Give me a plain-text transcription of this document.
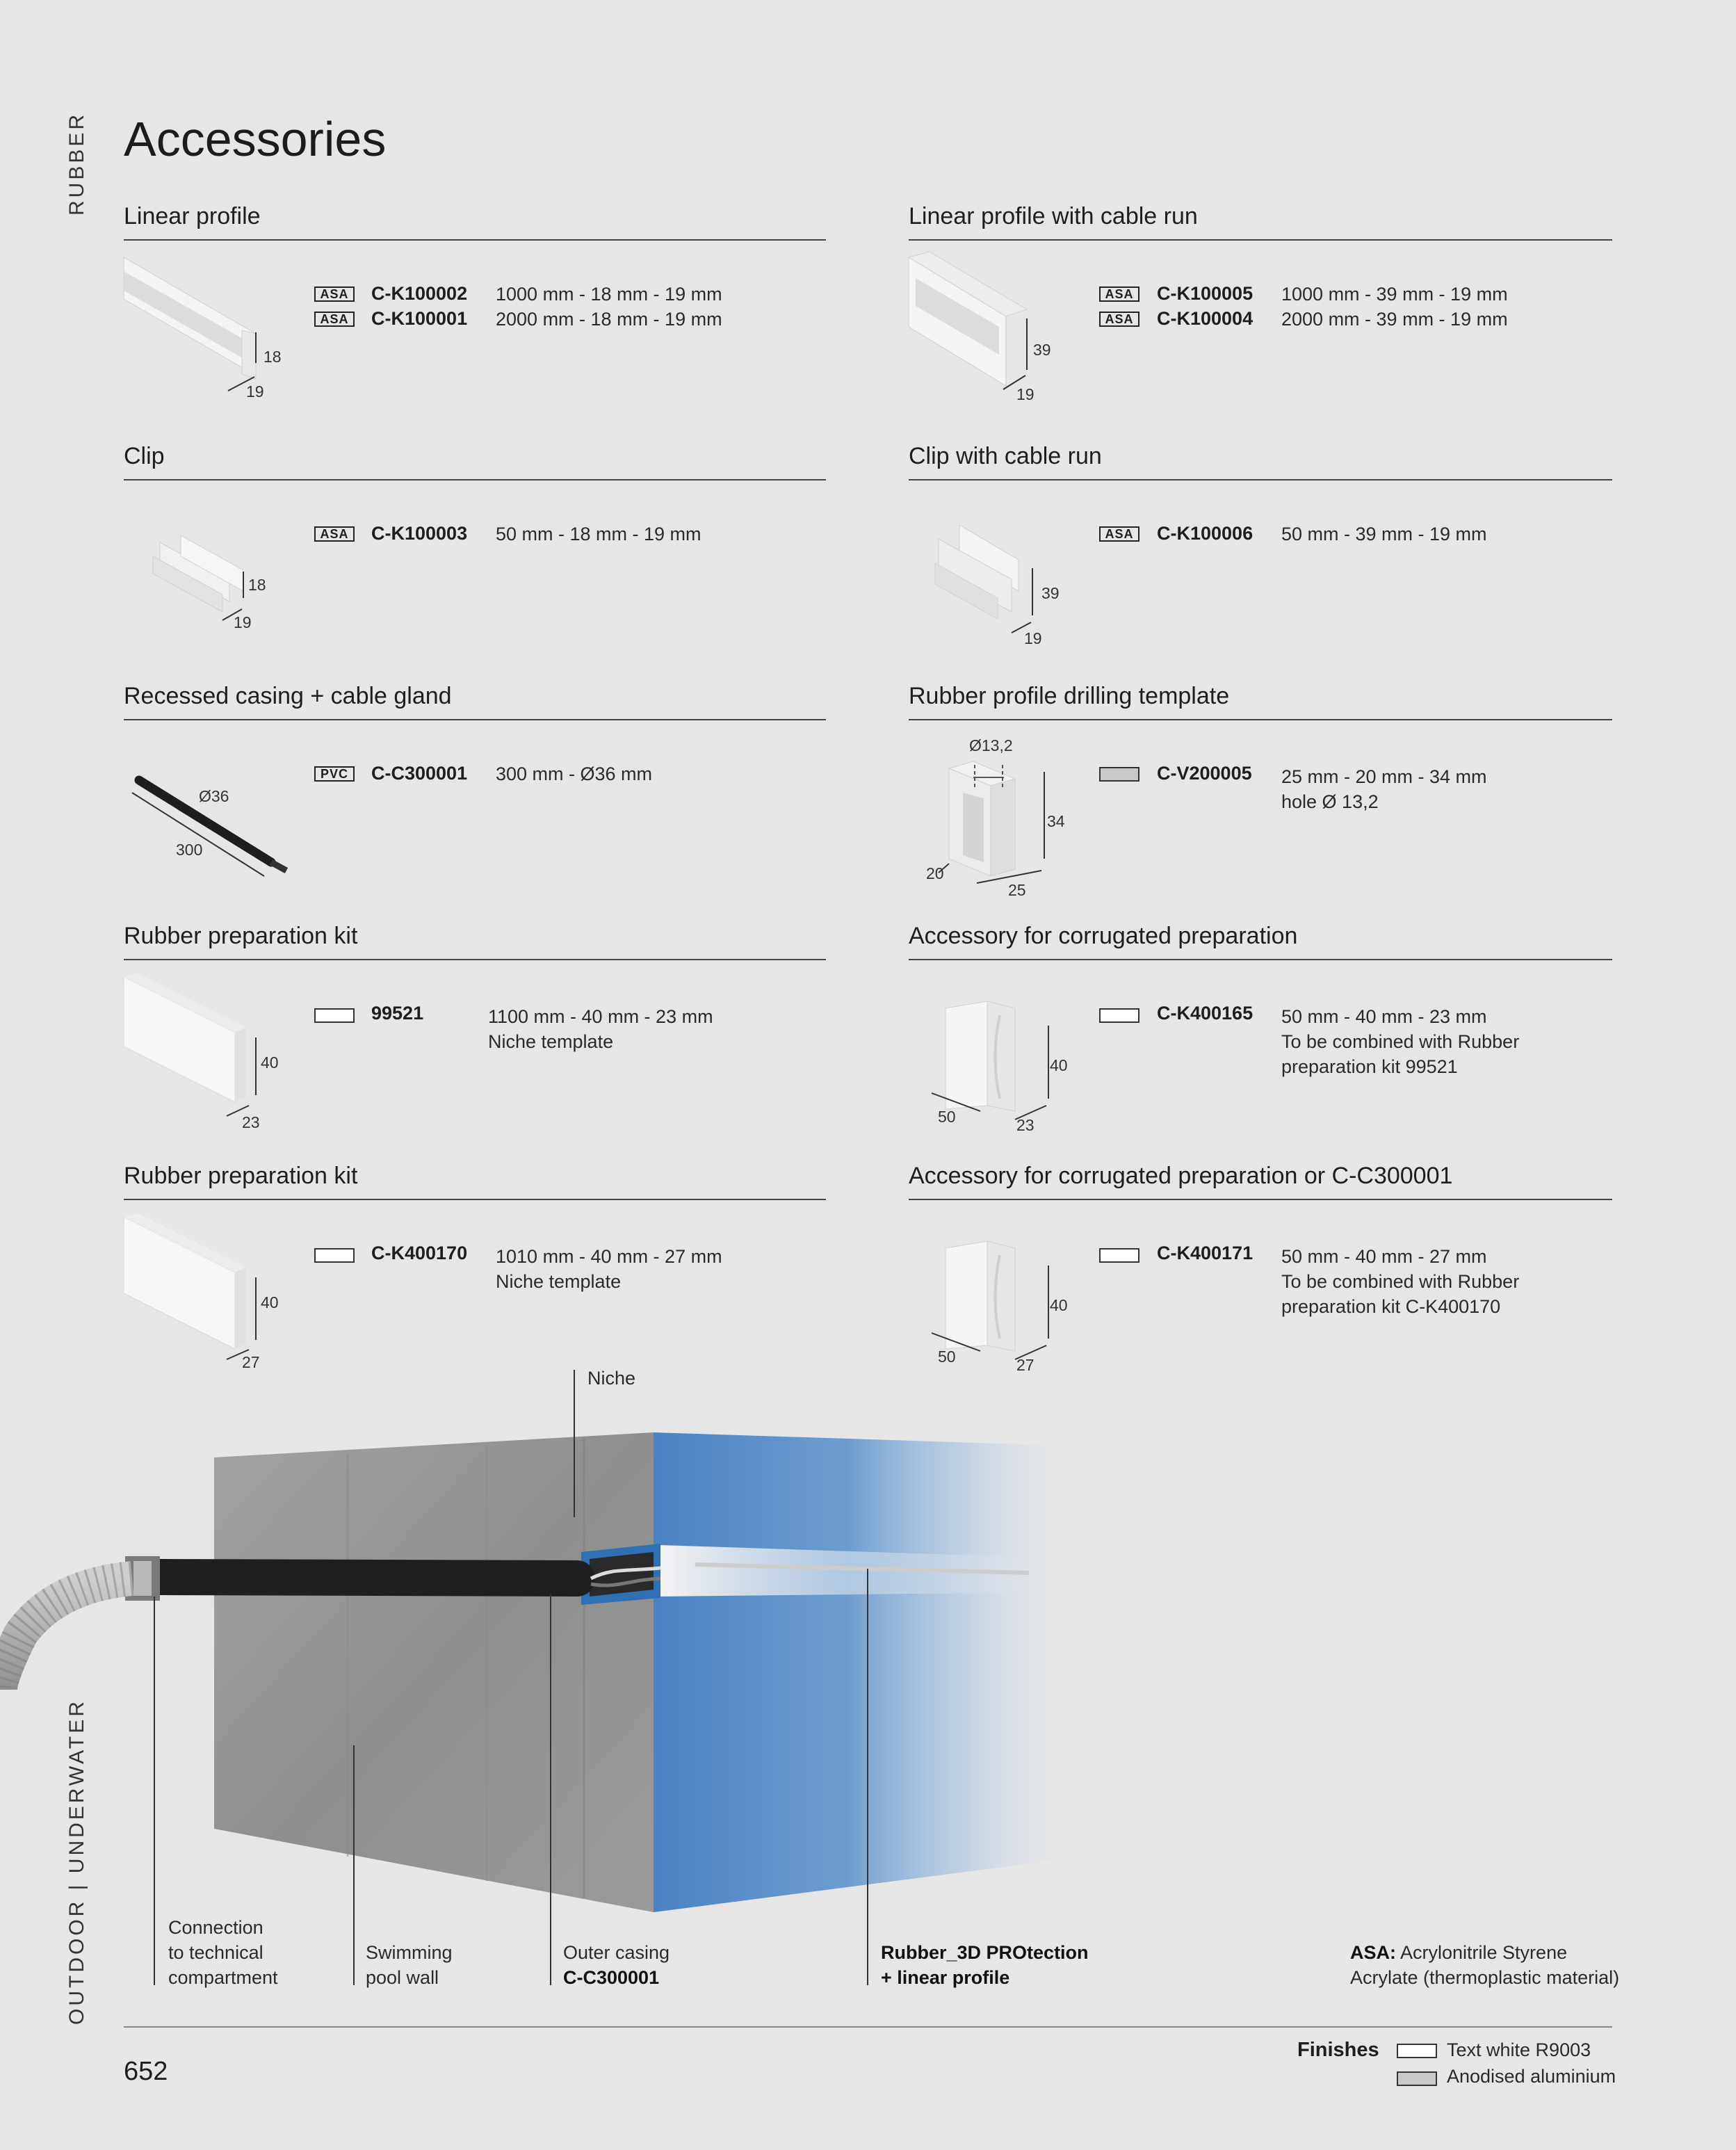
RUBBER
OUTDOOR | UNDERWATER
Accessories
Linear profile
18
19
ASA	C-K100002 1000 mm - 18 mm - 19 mm
ASA	C-K100001 2000 mm - 18 mm - 19 mm
Linear profile with cable run
39
19
ASA	C-K100005 1000 mm - 39 mm - 19 mm
ASA	C-K100004 2000 mm - 39 mm - 19 mm
Clip
18
19
ASA	C-K100003 50 mm - 18 mm - 19 mm
Clip with cable run
39
19
ASA	C-K100006 50 mm - 39 mm - 19 mm
Recessed casing + cable gland
Ø36
300
PVC	C-C300001 300 mm - Ø36 mm
Rubber profile drilling template
Ø13,2
34
20
25
C-V200005 25 mm - 20 mm - 34 mm
hole Ø 13,2
Rubber preparation kit
40
23
99521	1100 mm - 40 mm - 23 mm
Niche template
Accessory for corrugated preparation
40
50	23
C-K400165 50 mm - 40 mm - 23 mm
To be combined with Rubber
preparation kit 99521
Rubber preparation kit
40
27
C-K400170 1010 mm - 40 mm - 27 mm
Niche template
Accessory for corrugated preparation or C-C300001
40
50	27
C-K400171 50 mm - 40 mm - 27 mm
To be combined with Rubber
preparation kit C-K400170
Niche
Connection
to technical
compartment
Swimming
pool wall
Outer casing
C-C300001
Rubber_3D PROtection
+ linear profile
ASA: Acrylonitrile Styrene
Acrylate (thermoplastic material)
652
Finishes	Text white R9003
Anodised aluminium
